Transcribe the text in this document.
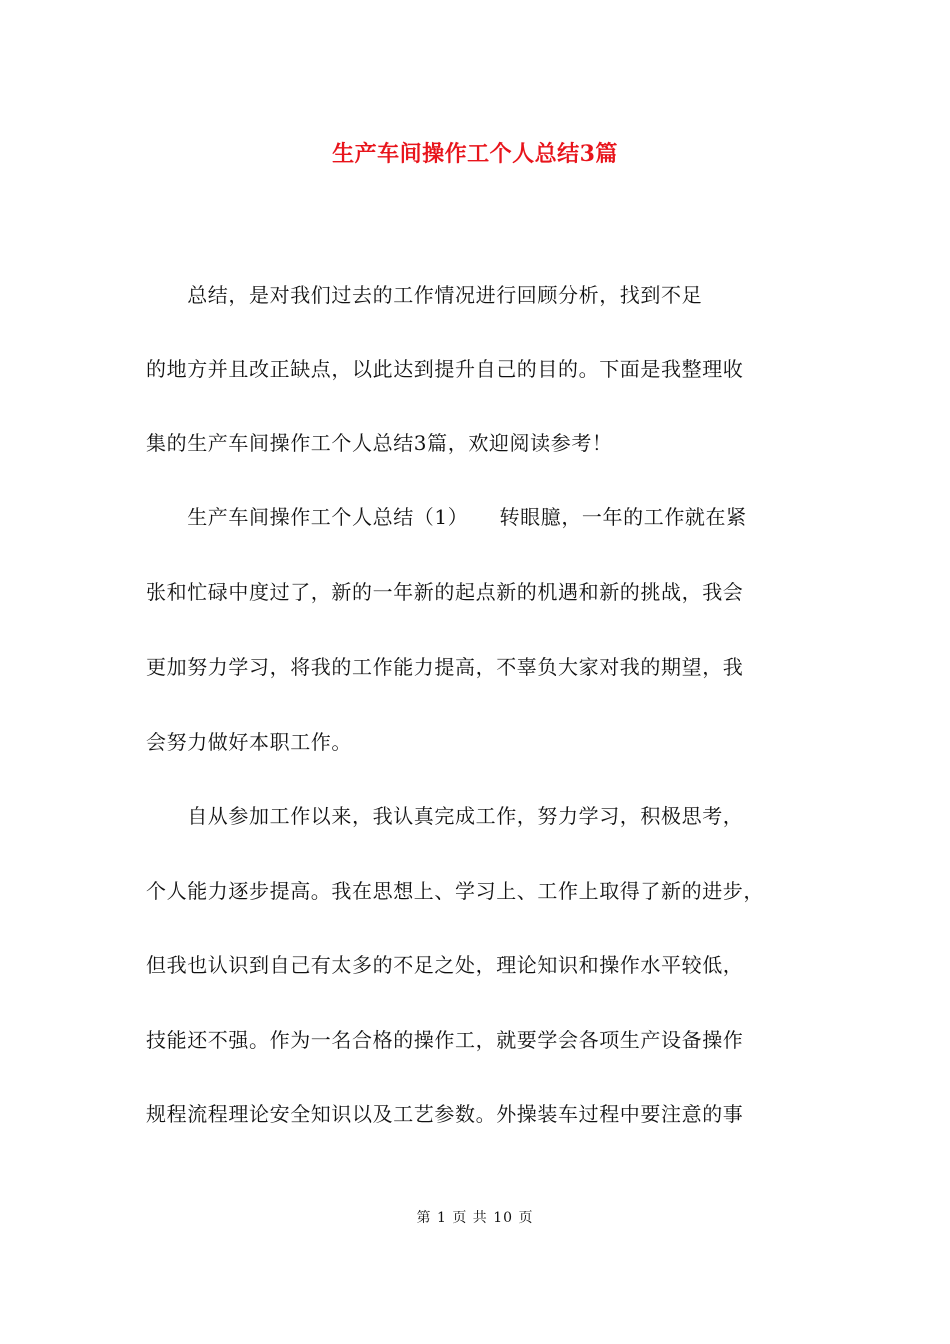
生产车间操作工个人总结3篇
　　总结，是对我们过去的工作情况进行回顾分析，找到不足
的地方并且改正缺点，以此达到提升自己的目的。下面是我整理收
集的生产车间操作工个人总结3篇，欢迎阅读参考！
　　生产车间操作工个人总结（1）　　转眼臆，一年的工作就在紧
张和忙碌中度过了，新的一年新的起点新的机遇和新的挑战，我会
更加努力学习，将我的工作能力提高，不辜负大家对我的期望，我
会努力做好本职工作。
　　自从参加工作以来，我认真完成工作，努力学习，积极思考，
个人能力逐步提高。我在思想上、学习上、工作上取得了新的进步，
但我也认识到自己有太多的不足之处，理论知识和操作水平较低，
技能还不强。作为一名合格的操作工，就要学会各项生产设备操作
规程流程理论安全知识以及工艺参数。外操装车过程中要注意的事
第 1 页 共 10 页
